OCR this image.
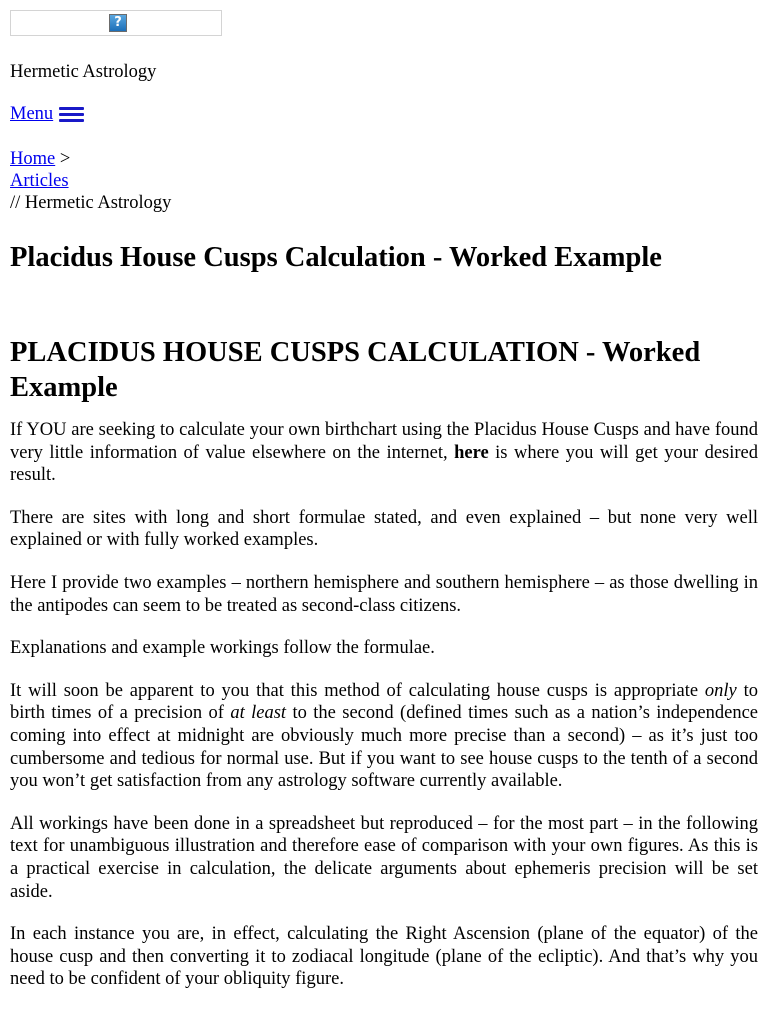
?

Hermetic Astrology

Menu
Home >
Articles
// Hermetic Astrology
Placidus House Cusps Calculation - Worked Example
PLACIDUS HOUSE CUSPS CALCULATION - Worked Example

If YOU are seeking to calculate your own birthchart using the Placidus House Cusps and have found very little information of value elsewhere on the internet, here is where you will get your desired result.

There are sites with long and short formulae stated, and even explained – but none very well explained or with fully worked examples.

Here I provide two examples – northern hemisphere and southern hemisphere – as those dwelling in the antipodes can seem to be treated as second-class citizens.

Explanations and example workings follow the formulae.

It will soon be apparent to you that this method of calculating house cusps is appropriate only to birth times of a precision of at least to the second (defined times such as a nation’s independence coming into effect at midnight are obviously much more precise than a second) – as it’s just too cumbersome and tedious for normal use. But if you want to see house cusps to the tenth of a second you won’t get satisfaction from any astrology software currently available.

All workings have been done in a spreadsheet but reproduced – for the most part – in the following text for unambiguous illustration and therefore ease of comparison with your own figures. As this is a practical exercise in calculation, the delicate arguments about ephemeris precision will be set aside.

In each instance you are, in effect, calculating the Right Ascension (plane of the equator) of the house cusp and then converting it to zodiacal longitude (plane of the ecliptic). And that’s why you need to be confident of your obliquity figure.
